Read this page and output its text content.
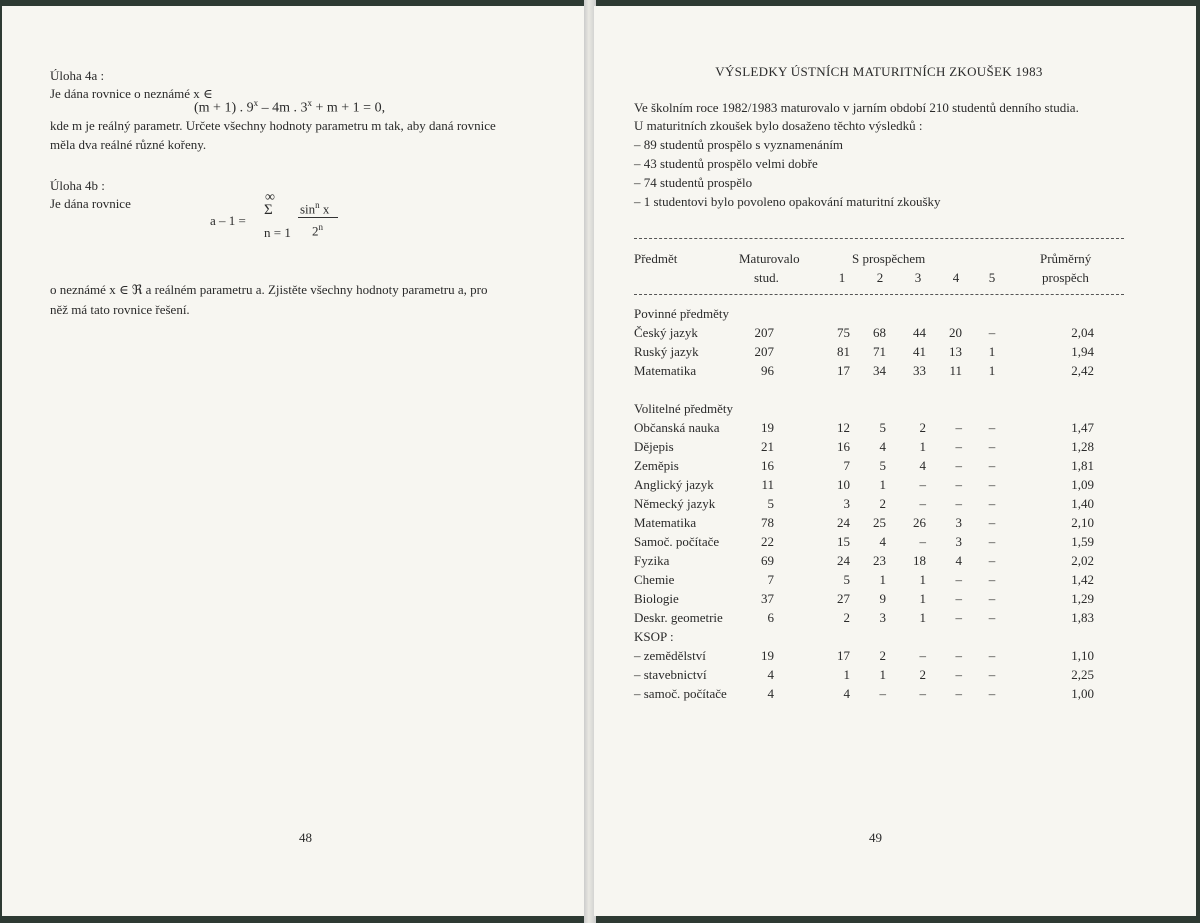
Úloha 4a :
Je dána rovnice o neznámé x ∈
(m + 1) . 9$^x$ – 4m . $3^x + m + 1 = 0$,
kde m je reálný parametr. Určete všechny hodnoty parametru m tak, aby daná rovnice
měla dva reálné různé kořeny.
Úloha 4b :
Je dána rovnice
a – 1 =
∞
Σ
n = 1
$\sin^n x$
2$^n$
o neznámé x ∈ ℜ a reálném parametru a. Zjistěte všechny hodnoty parametru a, pro
něž má tato rovnice řešení.
48
VÝSLEDKY ÚSTNÍCH MATURITNÍCH ZKOUŠEK 1983
Ve školním roce 1982/1983 maturovalo v jarním období 210 studentů denního studia.
U maturitních zkoušek bylo dosaženo těchto výsledků :
– 89 studentů prospělo s vyznamenáním
– 43 studentů prospělo velmi dobře
– 74 studentů prospělo
– 1 studentovi bylo povoleno opakování maturitní zkoušky
Předmět	Maturovalo
stud.
S prospěchem
1	2	3	4	5
Průměrný
prospěch
Povinné předměty
Volitelné předměty
Český jazyk	207	75	68	44	20	–	2,04
Ruský jazyk	207	81	71	41	13	1	1,94
Matematika	96	17	34	33	11	1	2,42
Občanská nauka	19	12	5	2	–	–	1,47
Dějepis	21	16	4	1	–	–	1,28
Zeměpis	16	7	5	4	–	–	1,81
Anglický jazyk	11	10	1	–	–	–	1,09
Německý jazyk	5	3	2	–	–	–	1,40
Matematika	78	24	25	26	3	–	2,10
Samoč. počítače	22	15	4	–	3	–	1,59
Fyzika	69	24	23	18	4	–	2,02
Chemie	7	5	1	1	–	–	1,42
Biologie	37	27	9	1	–	–	1,29
Deskr. geometrie	6	2	3	1	–	–	1,83
KSOP :
– zemědělství	19	17	2	–	–	–	1,10
– stavebnictví	4	1	1	2	–	–	2,25
– samoč. počítače	4	4	–	–	–	–	1,00
49
